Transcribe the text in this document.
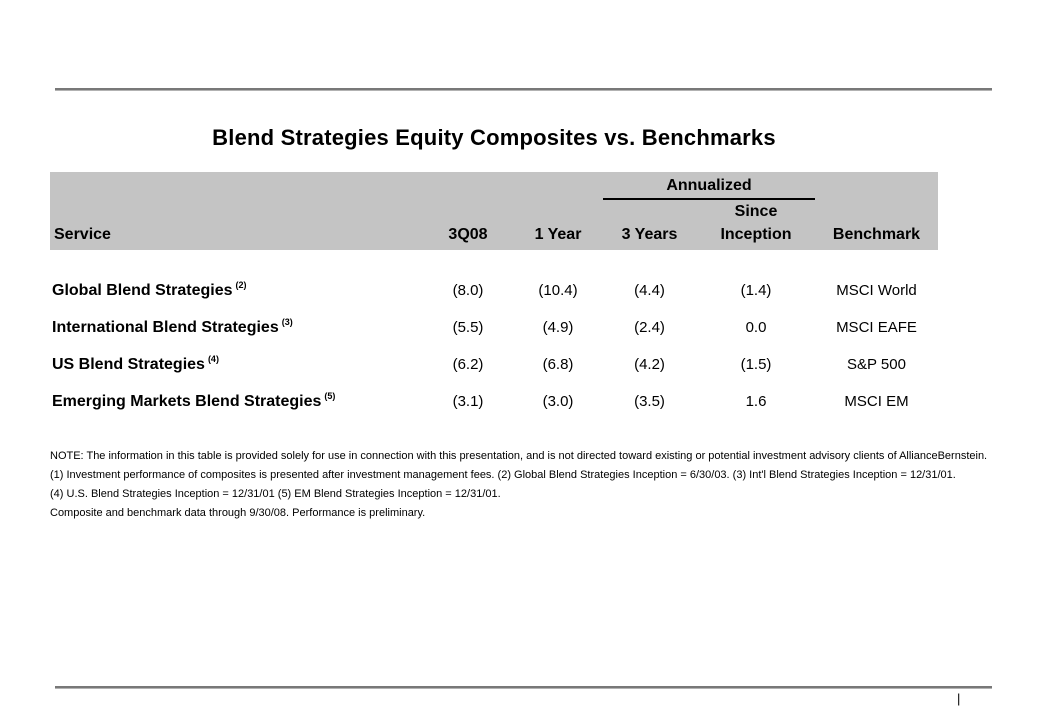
Blend Strategies Equity Composites vs. Benchmarks
Annualized
Since
Service	3Q08	1 Year	3 Years	Inception	Benchmark
Global Blend Strategies $^{(2)}$	(8.0)	(10.4)	(4.4)	(1.4)	MSCI World
International Blend Strategies $^{(3)}$	(5.5)	(4.9)	(2.4)	0.0	MSCI EAFE
US Blend Strategies $^{(4)}$	(6.2)	(6.8)	(4.2)	(1.5)	S&P 500
Emerging Markets Blend Strategies $^{(5)}$	(3.1)	(3.0)	(3.5)	1.6	MSCI EM
NOTE: The information in this table is provided solely for use in connection with this presentation, and is not directed toward existing or potential investment advisory clients of AllianceBernstein.
(1) Investment performance of composites is presented after investment management fees. (2) Global Blend Strategies Inception = 6/30/03. (3) Int'l Blend Strategies Inception = 12/31/01.
(4) U.S. Blend Strategies Inception = 12/31/01 (5) EM Blend Strategies Inception = 12/31/01.
Composite and benchmark data through 9/30/08. Performance is preliminary.
|
